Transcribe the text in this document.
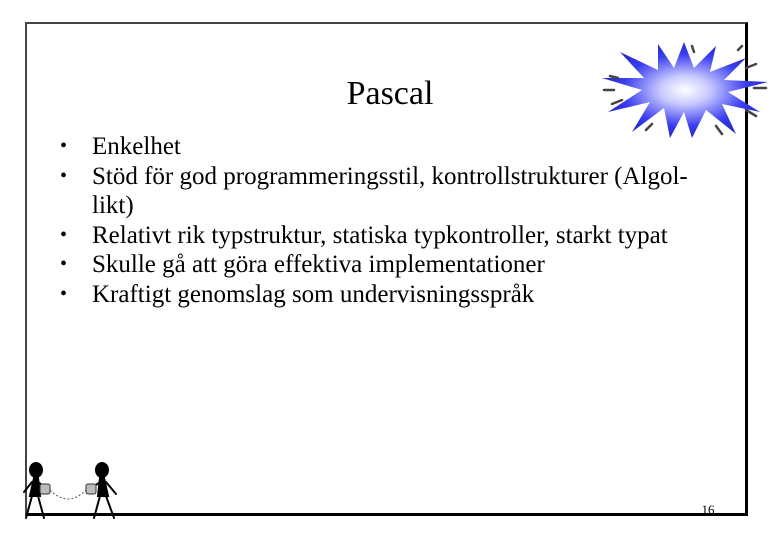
Pascal
• Enkelhet
• Stöd för god programmeringsstil, kontrollstrukturer (Algol-likt)
• Relativt rik typstruktur, statiska typkontroller, starkt typat
• Skulle gå att göra effektiva implementationer
• Kraftigt genomslag som undervisningsspråk
16
